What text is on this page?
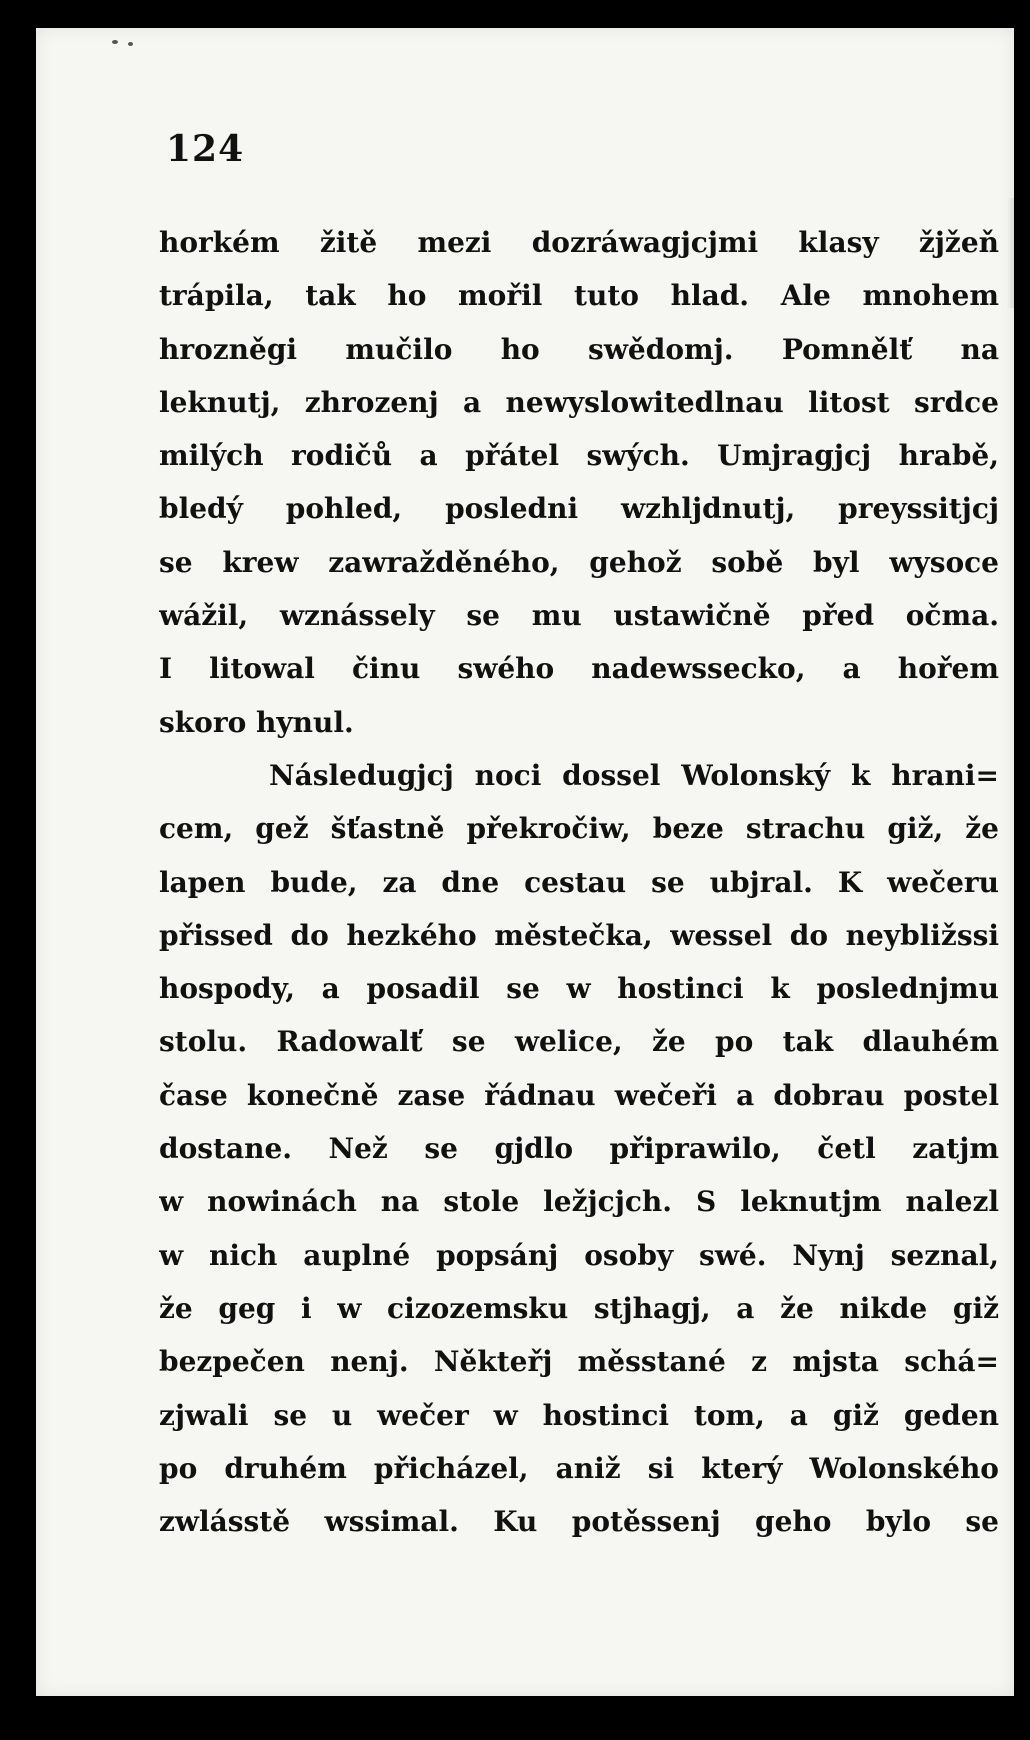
124
horkém žitě mezi dozráwagjcjmi klasy žjžeň
trápila, tak ho mořil tuto hlad. Ale mnohem
hrozněgi mučilo ho swědomj. Pomnělť na
leknutj, zhrozenj a newyslowitedlnau litost srdce
milých rodičů a přátel swých. Umjragjcj hrabě,
bledý pohled, posledni wzhljdnutj, preyssitjcj
se krew zawražděného, gehož sobě byl wysoce
wážil, wznássely se mu ustawičně před očma.
I litowal činu swého nadewssecko, a hořem
skoro hynul.
Následugjcj noci dossel Wolonský k hrani=
cem, gež šťastně překročiw, beze strachu giž, že
lapen bude, za dne cestau se ubjral. K wečeru
přissed do hezkého městečka, wessel do neybližssi
hospody, a posadil se w hostinci k poslednjmu
stolu. Radowalť se welice, že po tak dlauhém
čase konečně zase řádnau wečeři a dobrau postel
dostane. Než se gjdlo připrawilo, četl zatjm
w nowinách na stole ležjcjch. S leknutjm nalezl
w nich auplné popsánj osoby swé. Nynj seznal,
že geg i w cizozemsku stjhagj, a že nikde giž
bezpečen nenj. Někteřj měsstané z mjsta schá=
zjwali se u wečer w hostinci tom, a giž geden
po druhém přicházel, aniž si který Wolonského
zwlásstě wssimal. Ku potěssenj geho bylo se
